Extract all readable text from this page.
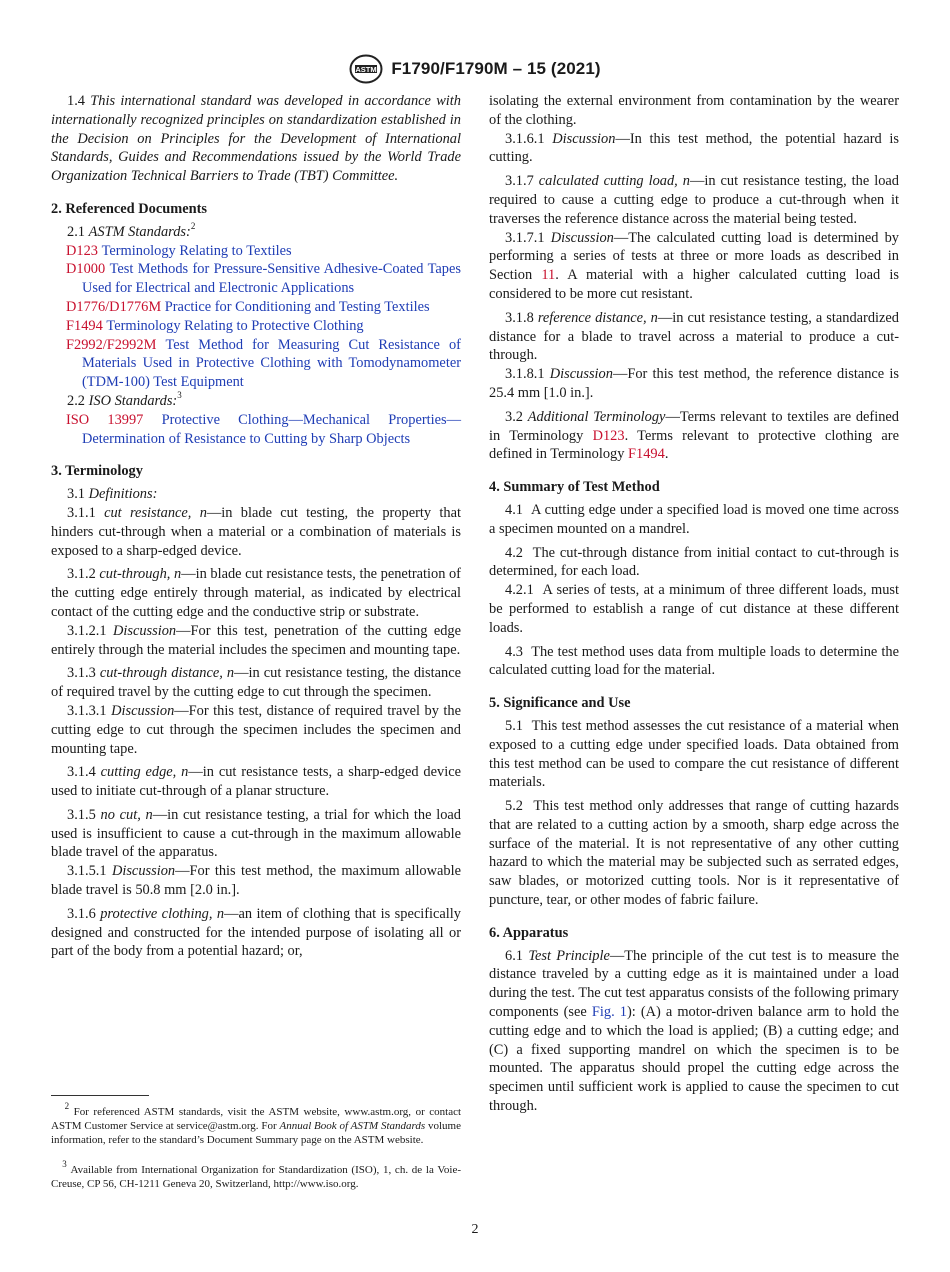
ASTM F1790/F1790M – 15 (2021)

1.4 This international standard was developed in accordance with internationally recognized principles on standardization established in the Decision on Principles for the Development of International Standards, Guides and Recommendations issued by the World Trade Organization Technical Barriers to Trade (TBT) Committee.

2. Referenced Documents

2.1 ASTM Standards:$^2$

D123 Terminology Relating to Textiles

D1000 Test Methods for Pressure-Sensitive Adhesive-Coated Tapes Used for Electrical and Electronic Applications

D1776/D1776M Practice for Conditioning and Testing Textiles

F1494 Terminology Relating to Protective Clothing

F2992/F2992M Test Method for Measuring Cut Resistance of Materials Used in Protective Clothing with Tomodynamometer (TDM-100) Test Equipment

2.2 ISO Standards:$^3$

ISO 13997 Protective Clothing—Mechanical Properties—Determination of Resistance to Cutting by Sharp Objects

3. Terminology

3.1 Definitions:

3.1.1 cut resistance, n—in blade cut testing, the property that hinders cut-through when a material or a combination of materials is exposed to a sharp-edged device.

3.1.2 cut-through, n—in blade cut resistance tests, the penetration of the cutting edge entirely through material, as indicated by electrical contact of the cutting edge and the conductive strip or substrate.

3.1.2.1 Discussion—For this test, penetration of the cutting edge entirely through the material includes the specimen and mounting tape.

3.1.3 cut-through distance, n—in cut resistance testing, the distance of required travel by the cutting edge to cut through the specimen.

3.1.3.1 Discussion—For this test, distance of required travel by the cutting edge to cut through the specimen includes the specimen and mounting tape.

3.1.4 cutting edge, n—in cut resistance tests, a sharp-edged device used to initiate cut-through of a planar structure.

3.1.5 no cut, n—in cut resistance testing, a trial for which the load used is insufficient to cause a cut-through in the maximum allowable blade travel of the apparatus.

3.1.5.1 Discussion—For this test method, the maximum allowable blade travel is 50.8 mm [2.0 in.].

3.1.6 protective clothing, n—an item of clothing that is specifically designed and constructed for the intended purpose of isolating all or part of the body from a potential hazard; or,

$^2$ For referenced ASTM standards, visit the ASTM website, www.astm.org, or contact ASTM Customer Service at service@astm.org. For Annual Book of ASTM Standards volume information, refer to the standard’s Document Summary page on the ASTM website.

$^3$ Available from International Organization for Standardization (ISO), 1, ch. de la Voie-Creuse, CP 56, CH-1211 Geneva 20, Switzerland, http://www.iso.org.

isolating the external environment from contamination by the wearer of the clothing.

3.1.6.1 Discussion—In this test method, the potential hazard is cutting.

3.1.7 calculated cutting load, n—in cut resistance testing, the load required to cause a cutting edge to produce a cut-through when it traverses the reference distance across the material being tested.

3.1.7.1 Discussion—The calculated cutting load is determined by performing a series of tests at three or more loads as described in Section 11. A material with a higher calculated cutting load is considered to be more cut resistant.

3.1.8 reference distance, n—in cut resistance testing, a standardized distance for a blade to travel across a material to produce a cut-through.

3.1.8.1 Discussion—For this test method, the reference distance is 25.4 mm [1.0 in.].

3.2 Additional Terminology—Terms relevant to textiles are defined in Terminology D123. Terms relevant to protective clothing are defined in Terminology F1494.

4. Summary of Test Method

4.1 A cutting edge under a specified load is moved one time across a specimen mounted on a mandrel.

4.2 The cut-through distance from initial contact to cut-through is determined, for each load.

4.2.1 A series of tests, at a minimum of three different loads, must be performed to establish a range of cut distance at these different loads.

4.3 The test method uses data from multiple loads to determine the calculated cutting load for the material.

5. Significance and Use

5.1 This test method assesses the cut resistance of a material when exposed to a cutting edge under specified loads. Data obtained from this test method can be used to compare the cut resistance of different materials.

5.2 This test method only addresses that range of cutting hazards that are related to a cutting action by a smooth, sharp edge across the surface of the material. It is not representative of any other cutting hazard to which the material may be subjected such as serrated edges, saw blades, or motorized cutting tools. Nor is it representative of puncture, tear, or other modes of fabric failure.

6. Apparatus

6.1 Test Principle—The principle of the cut test is to measure the distance traveled by a cutting edge as it is maintained under a load during the test. The cut test apparatus consists of the following primary components (see Fig. 1): (A) a motor-driven balance arm to hold the cutting edge and to which the load is applied; (B) a cutting edge; and (C) a fixed supporting mandrel on which the specimen is to be mounted. The apparatus should propel the cutting edge across the specimen until sufficient work is applied to cause the specimen to cut through.

2
